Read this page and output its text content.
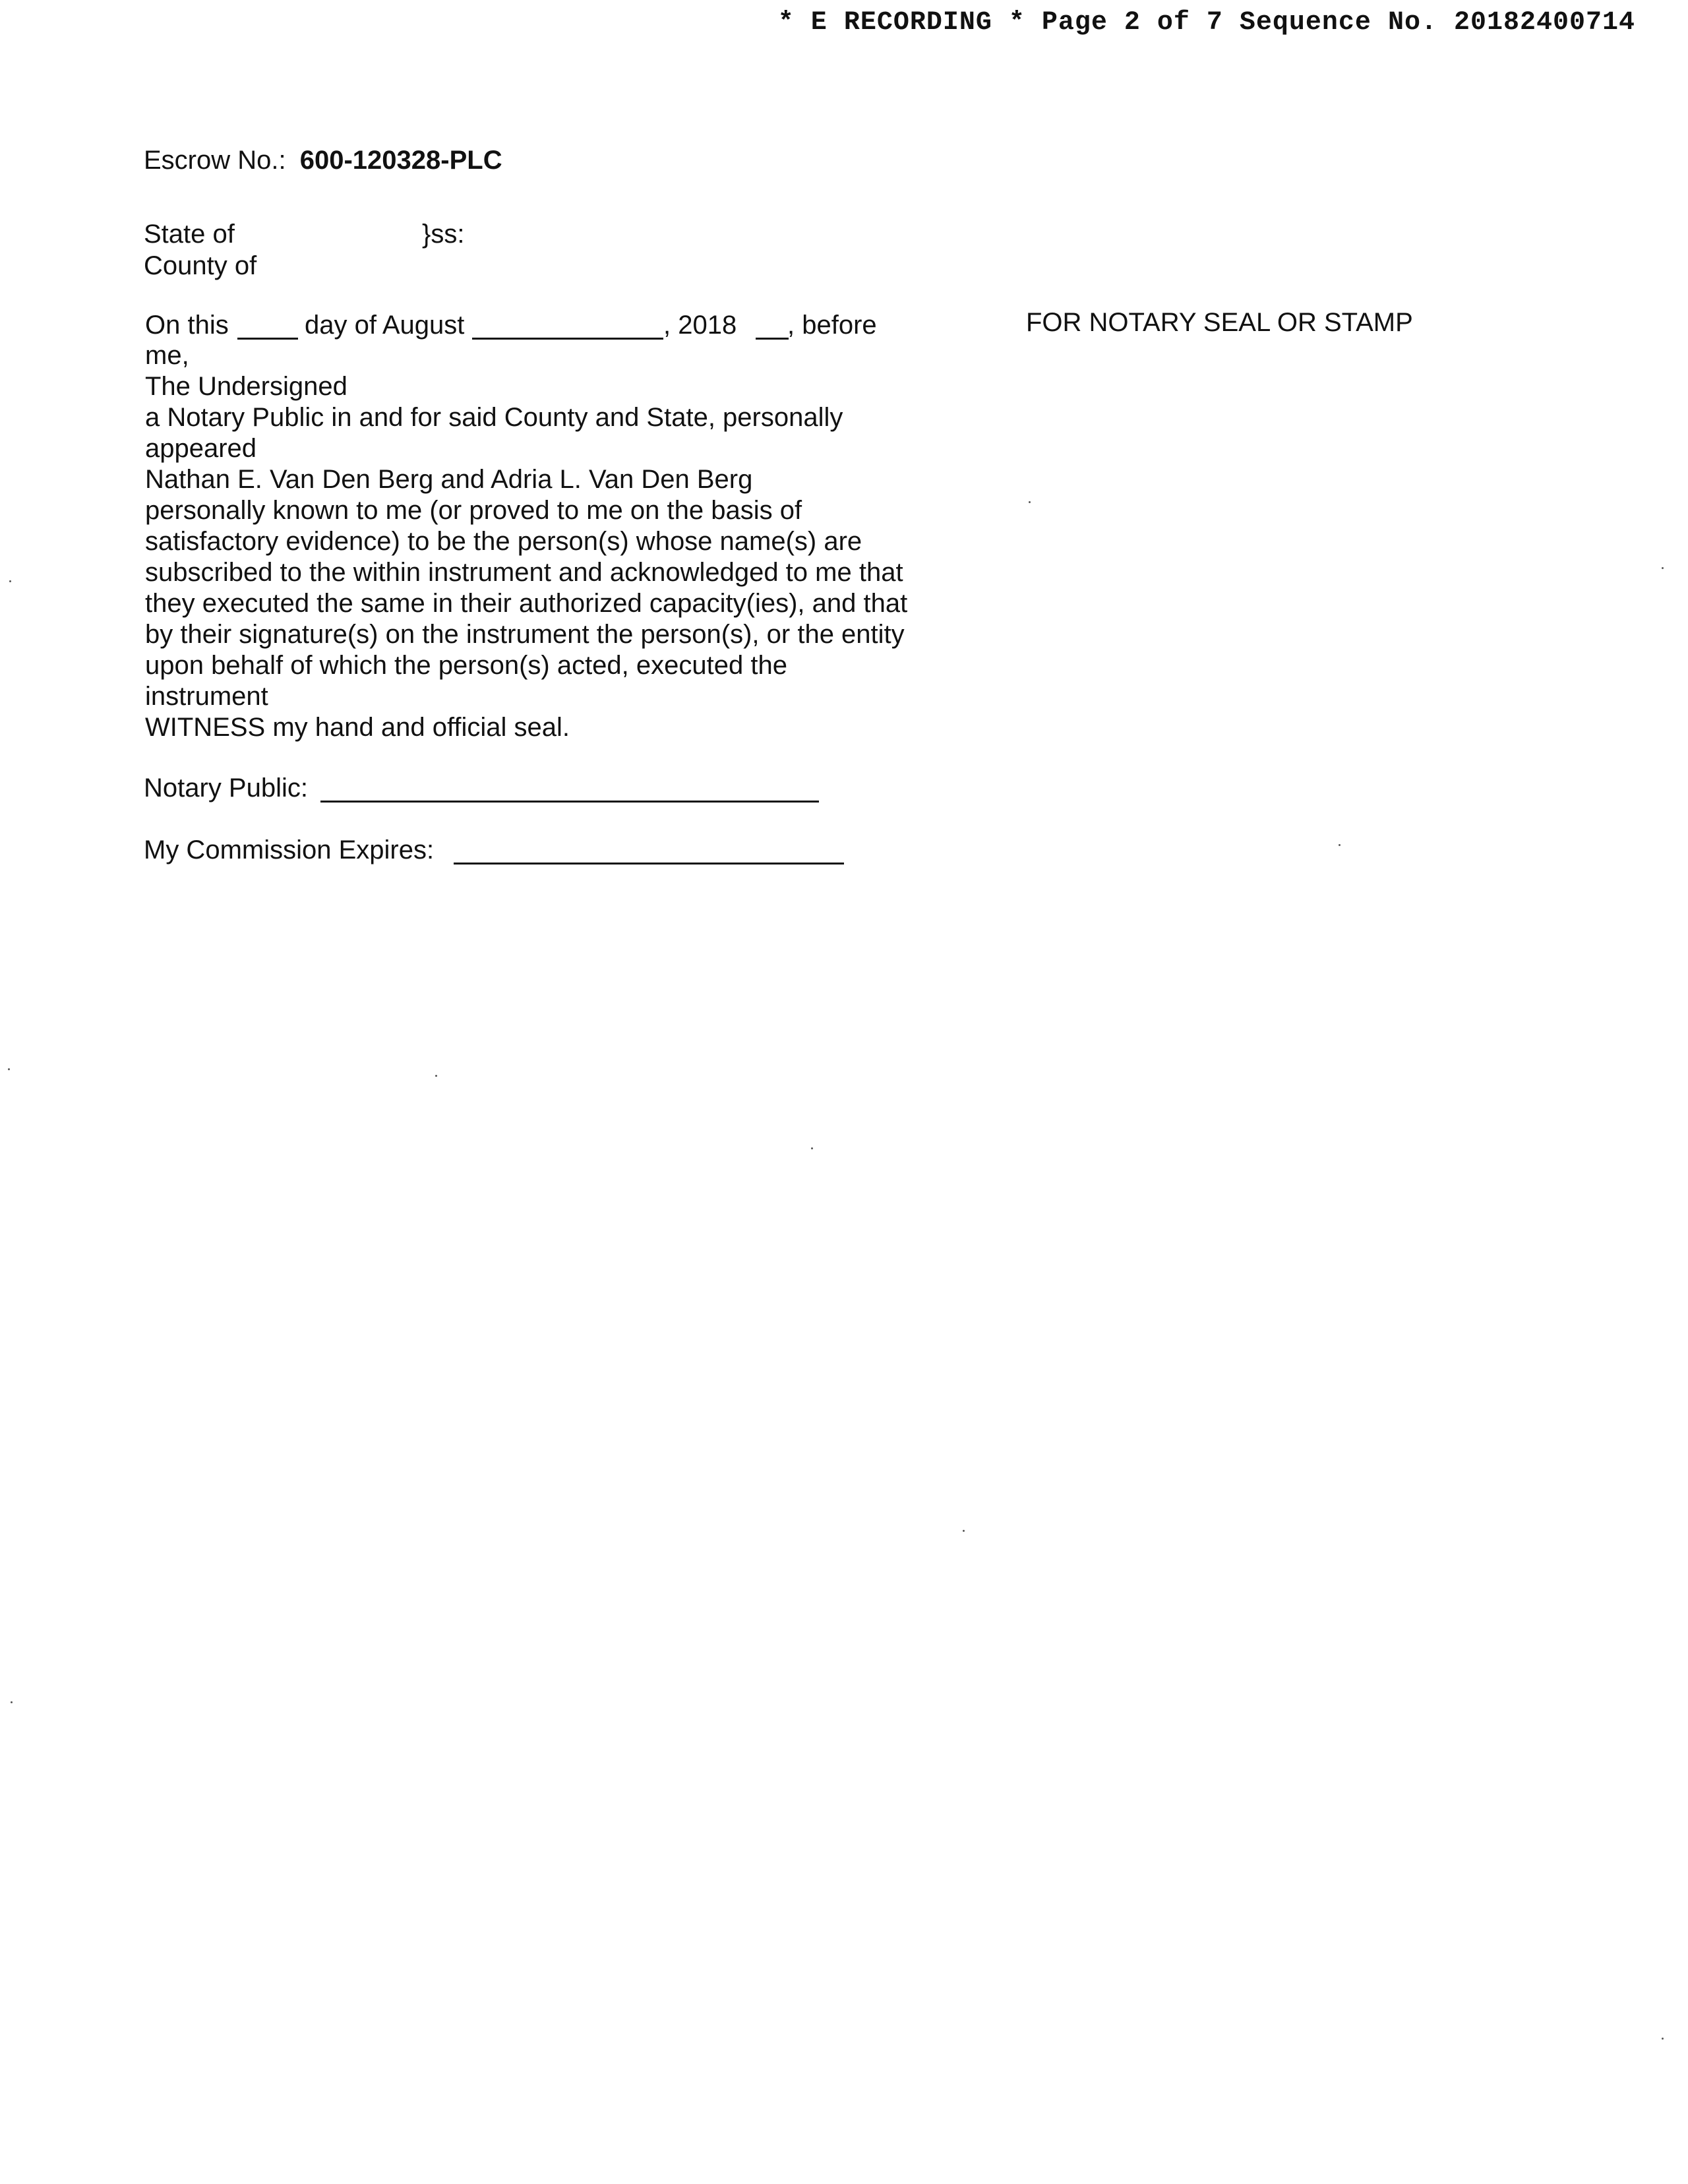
* E RECORDING * Page 2 of 7 Sequence No. 20182400714
Escrow No.: 600-120328-PLC
State of	}ss:
County of
On this	day of August	, 2018 , before
me,
The Undersigned
a Notary Public in and for said County and State, personally
appeared
Nathan E. Van Den Berg and Adria L. Van Den Berg
personally known to me (or proved to me on the basis of
satisfactory evidence) to be the person(s) whose name(s) are
subscribed to the within instrument and acknowledged to me that
they executed the same in their authorized capacity(ies), and that
by their signature(s) on the instrument the person(s), or the entity
upon behalf of which the person(s) acted, executed the
instrument
WITNESS my hand and official seal.
FOR NOTARY SEAL OR STAMP
Notary Public:
My Commission Expires:
